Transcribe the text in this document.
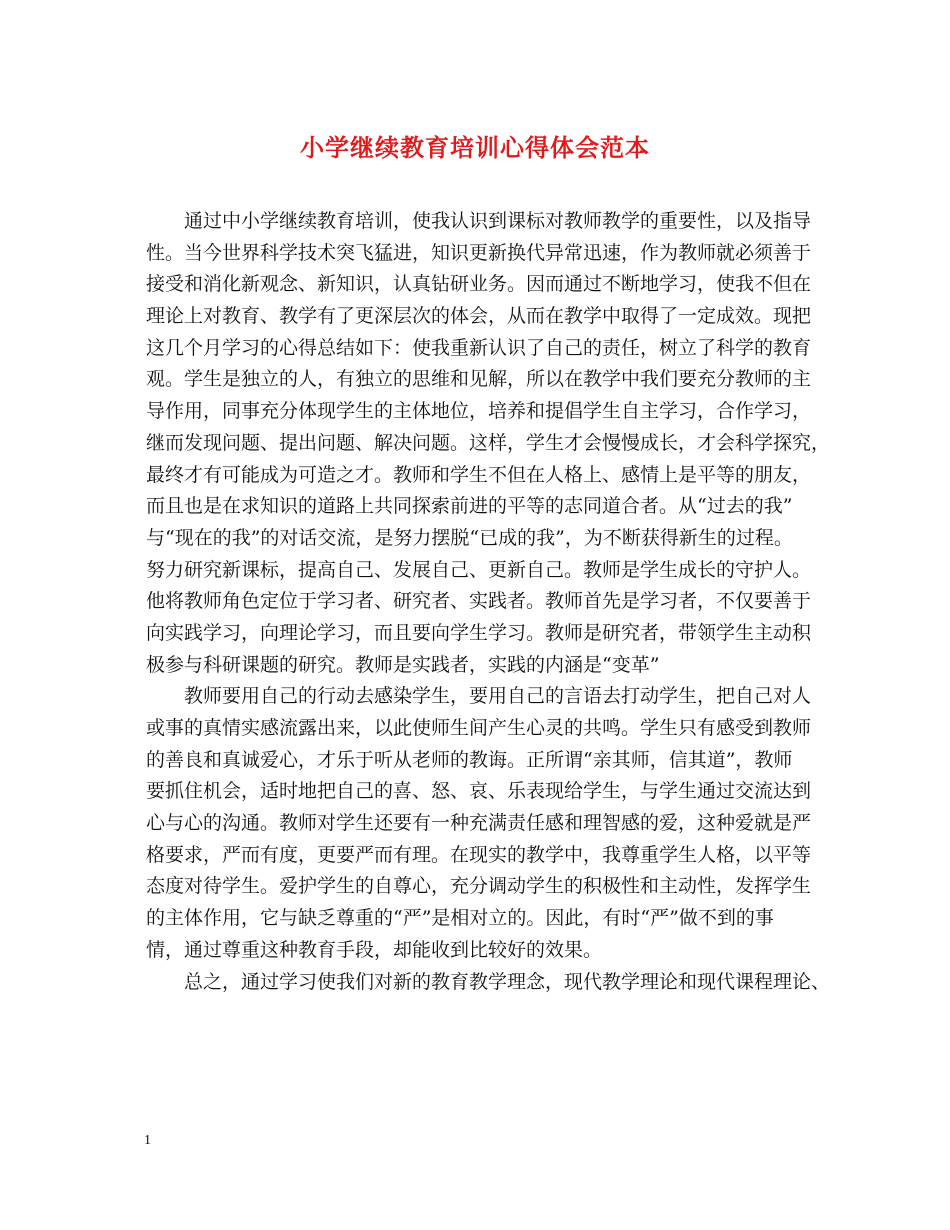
小学继续教育培训心得体会范本
通过中小学继续教育培训，使我认识到课标对教师教学的重要性，以及指导
性。当今世界科学技术突飞猛进，知识更新换代异常迅速，作为教师就必须善于
接受和消化新观念、新知识，认真钻研业务。因而通过不断地学习，使我不但在
理论上对教育、教学有了更深层次的体会，从而在教学中取得了一定成效。现把
这几个月学习的心得总结如下：使我重新认识了自己的责任，树立了科学的教育
观。学生是独立的人，有独立的思维和见解，所以在教学中我们要充分教师的主
导作用，同事充分体现学生的主体地位，培养和提倡学生自主学习，合作学习，
继而发现问题、提出问题、解决问题。这样，学生才会慢慢成长，才会科学探究，
最终才有可能成为可造之才。教师和学生不但在人格上、感情上是平等的朋友，
而且也是在求知识的道路上共同探索前进的平等的志同道合者。从“过去的我”
与“现在的我”的对话交流，是努力摆脱“已成的我”，为不断获得新生的过程。
努力研究新课标，提高自己、发展自己、更新自己。教师是学生成长的守护人。
他将教师角色定位于学习者、研究者、实践者。教师首先是学习者，不仅要善于
向实践学习，向理论学习，而且要向学生学习。教师是研究者，带领学生主动积
极参与科研课题的研究。教师是实践者，实践的内涵是“变革”
教师要用自己的行动去感染学生，要用自己的言语去打动学生，把自己对人
或事的真情实感流露出来，以此使师生间产生心灵的共鸣。学生只有感受到教师
的善良和真诚爱心，才乐于听从老师的教诲。正所谓“亲其师，信其道”，教师
要抓住机会，适时地把自己的喜、怒、哀、乐表现给学生，与学生通过交流达到
心与心的沟通。教师对学生还要有一种充满责任感和理智感的爱，这种爱就是严
格要求，严而有度，更要严而有理。在现实的教学中，我尊重学生人格，以平等
态度对待学生。爱护学生的自尊心，充分调动学生的积极性和主动性，发挥学生
的主体作用，它与缺乏尊重的“严”是相对立的。因此，有时“严”做不到的事
情，通过尊重这种教育手段，却能收到比较好的效果。
总之，通过学习使我们对新的教育教学理念，现代教学理论和现代课程理论、
1
